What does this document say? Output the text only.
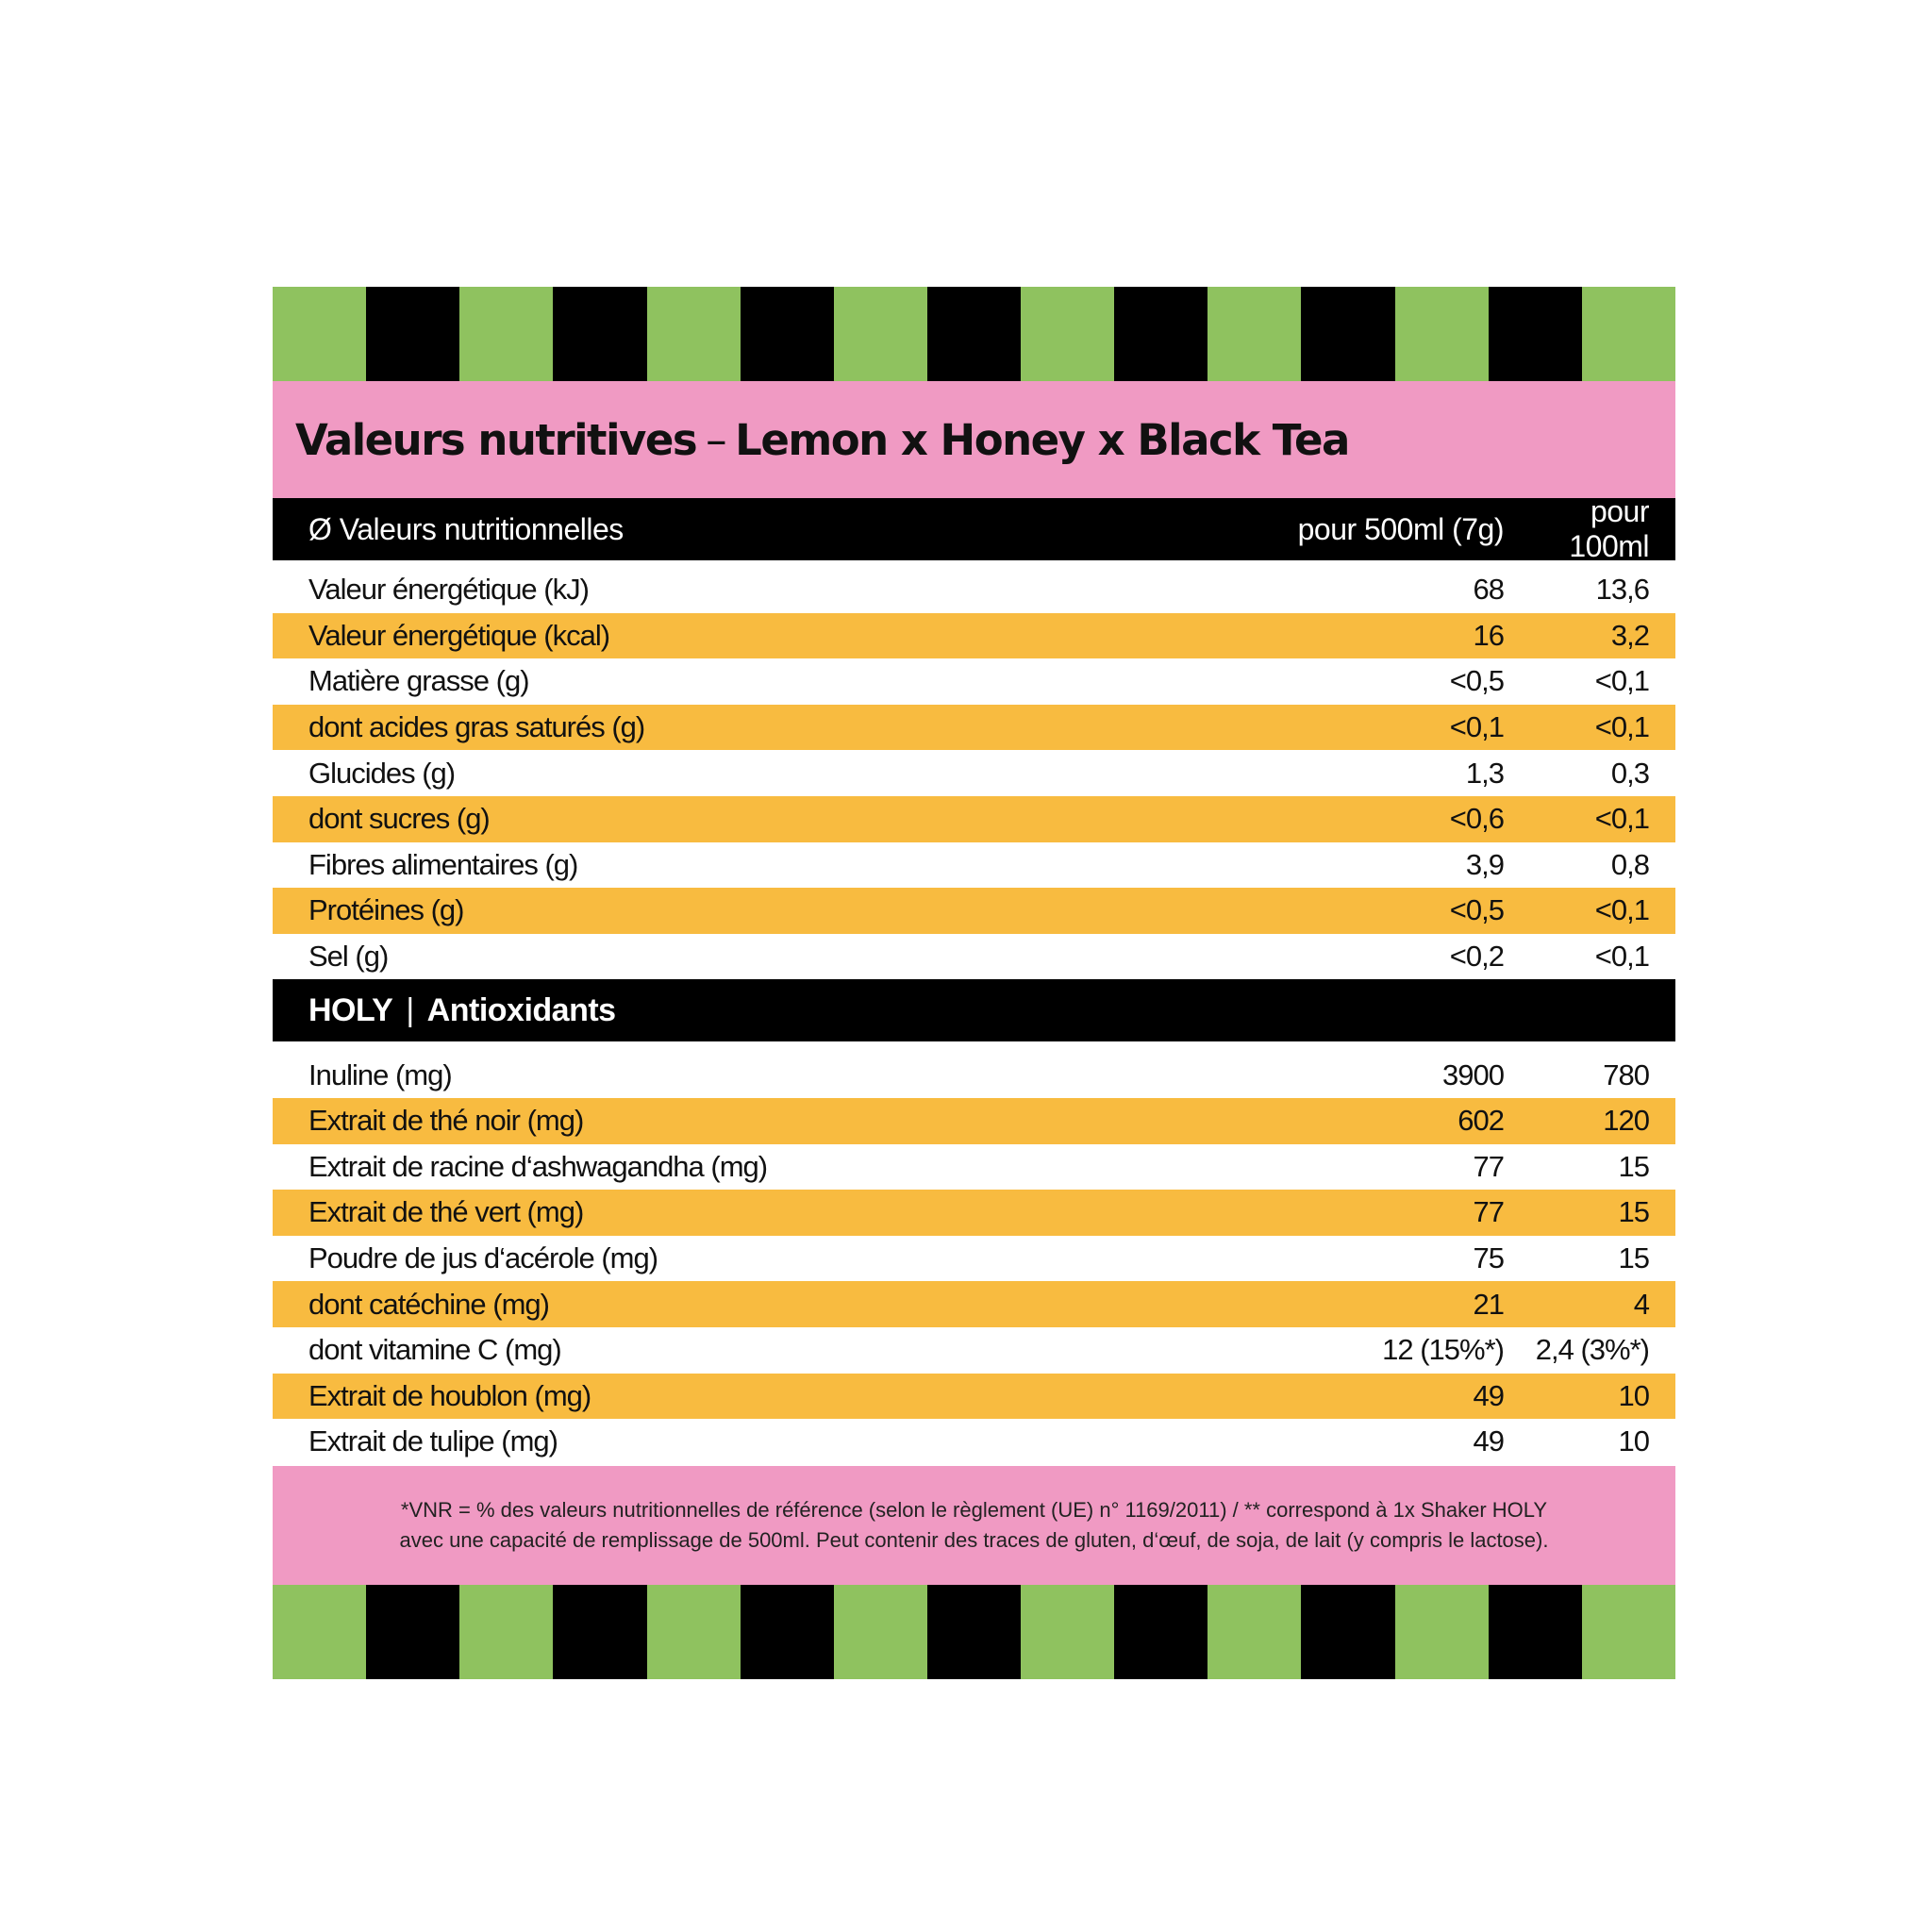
Valeurs nutritives – Lemon x Honey x Black Tea
Ø Valeurs nutritionnelles	pour 500ml (7g)
pour 100ml
Valeur énergétique (kJ)	68	13,6
Valeur énergétique (kcal)	16	3,2
Matière grasse (g)	<0,5	<0,1
dont acides gras saturés (g)	<0,1	<0,1
Glucides (g)	1,3	0,3
dont sucres (g)	<0,6	<0,1
Fibres alimentaires (g)	3,9	0,8
Protéines (g)	<0,5	<0,1
Sel (g)	<0,2	<0,1
HOLY | Antioxidants
Inuline (mg)	3900	780
Extrait de thé noir (mg)	602	120
Extrait de racine d‘ashwagandha (mg)	77	15
Extrait de thé vert (mg)	77	15
Poudre de jus d‘acérole (mg)	75	15
dont catéchine (mg)	21	4
dont vitamine C (mg)	12 (15%*)	2,4 (3%*)
Extrait de houblon (mg)	49	10
Extrait de tulipe (mg)	49	10

*VNR = % des valeurs nutritionnelles de référence (selon le règlement (UE) n° 1169/2011) / ** correspond à 1x Shaker HOLY

avec une capacité de remplissage de 500ml. Peut contenir des traces de gluten, d‘œuf, de soja, de lait (y compris le lactose).
